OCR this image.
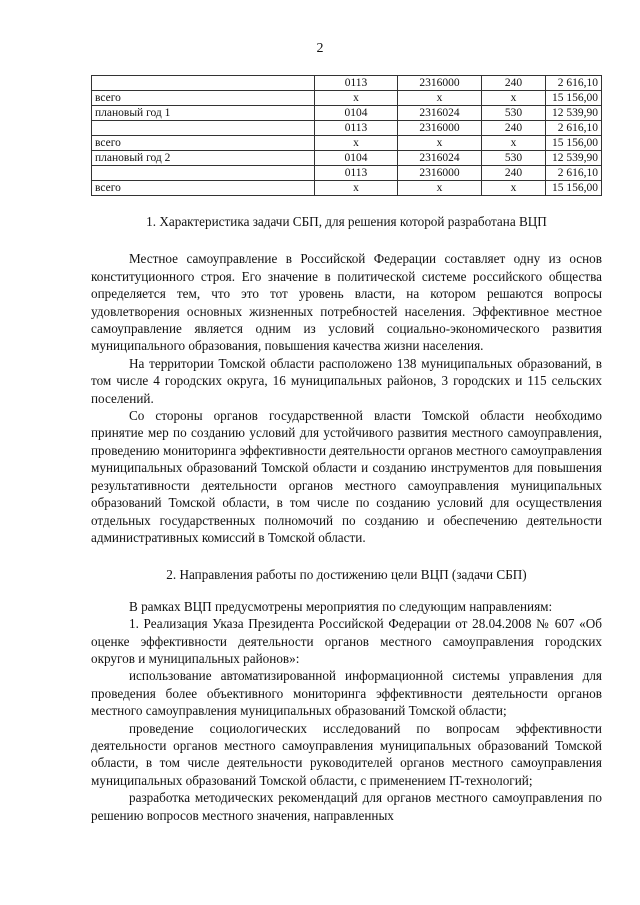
2
	0113	2316000	240	2 616,10
всего	x	x	x	15 156,00
плановый год 1	0104	2316024	530	12 539,90
	0113	2316000	240	2 616,10
всего	x	x	x	15 156,00
плановый год 2	0104	2316024	530	12 539,90
	0113	2316000	240	2 616,10
всего	x	x	x	15 156,00

1. Характеристика задачи СБП, для решения которой разработана ВЦП

Местное самоуправление в Российской Федерации составляет одну из основ конституционного строя. Его значение в политической системе российского общества определяется тем, что это тот уровень власти, на котором решаются вопросы удовлетворения основных жизненных потребностей населения. Эффективное местное самоуправление является одним из условий социально-экономического развития муниципального образования, повышения качества жизни населения.

На территории Томской области расположено 138 муниципальных образований, в том числе 4 городских округа, 16 муниципальных районов, 3 городских и 115 сельских поселений.

Со стороны органов государственной власти Томской области необходимо принятие мер по созданию условий для устойчивого развития местного самоуправления, проведению мониторинга эффективности деятельности органов местного самоуправления муниципальных образований Томской области и созданию инструментов для повышения результативности деятельности органов местного самоуправления муниципальных образований Томской области, в том числе по созданию условий для осуществления отдельных государственных полномочий по созданию и обеспечению деятельности административных комиссий в Томской области.

2. Направления работы по достижению цели ВЦП (задачи СБП)

В рамках ВЦП предусмотрены мероприятия по следующим направлениям:

1. Реализация Указа Президента Российской Федерации от 28.04.2008 № 607 «Об оценке эффективности деятельности органов местного самоуправления городских округов и муниципальных районов»:

использование автоматизированной информационной системы управления для проведения более объективного мониторинга эффективности деятельности органов местного самоуправления муниципальных образований Томской области;

проведение социологических исследований по вопросам эффективности деятельности органов местного самоуправления муниципальных образований Томской области, в том числе деятельности руководителей органов местного самоуправления муниципальных образований Томской области, с применением IT-технологий;

разработка методических рекомендаций для органов местного самоуправления по решению вопросов местного значения, направленных
